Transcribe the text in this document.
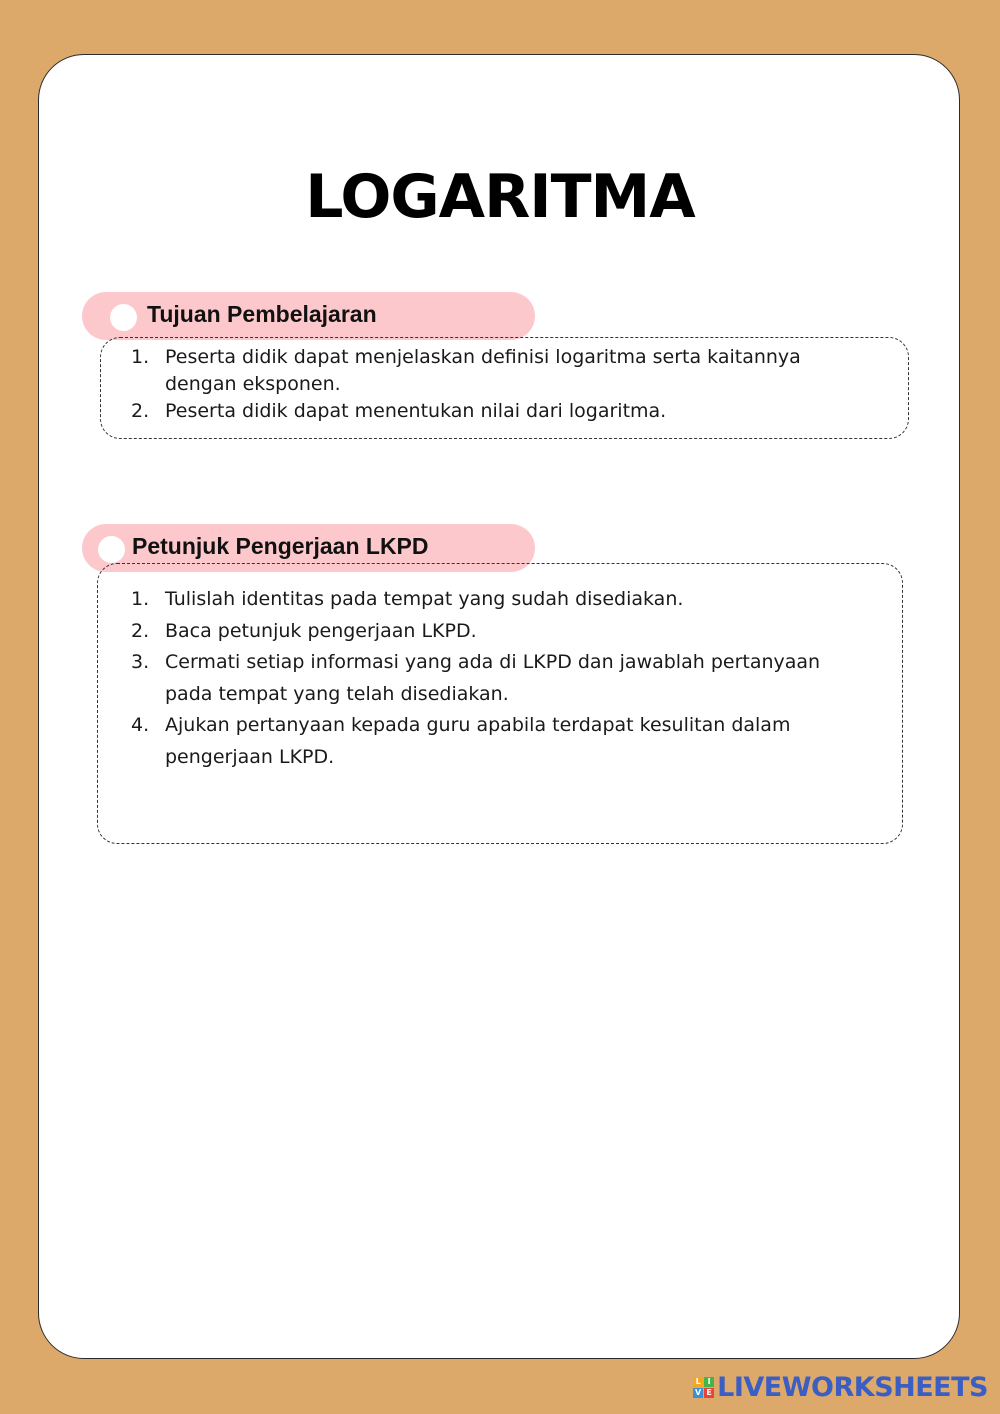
LOGARITMA
Tujuan Pembelajaran
1. Peserta didik dapat menjelaskan definisi logaritma serta kaitannya dengan eksponen.
2. Peserta didik dapat menentukan nilai dari logaritma.
Petunjuk Pengerjaan LKPD
1. Tulislah identitas pada tempat yang sudah disediakan.
2. Baca petunjuk pengerjaan LKPD.
3. Cermati setiap informasi yang ada di LKPD dan jawablah pertanyaan pada tempat yang telah disediakan.
4. Ajukan pertanyaan kepada guru apabila terdapat kesulitan dalam pengerjaan LKPD.
L I
V E LIVEWORKSHEETS
